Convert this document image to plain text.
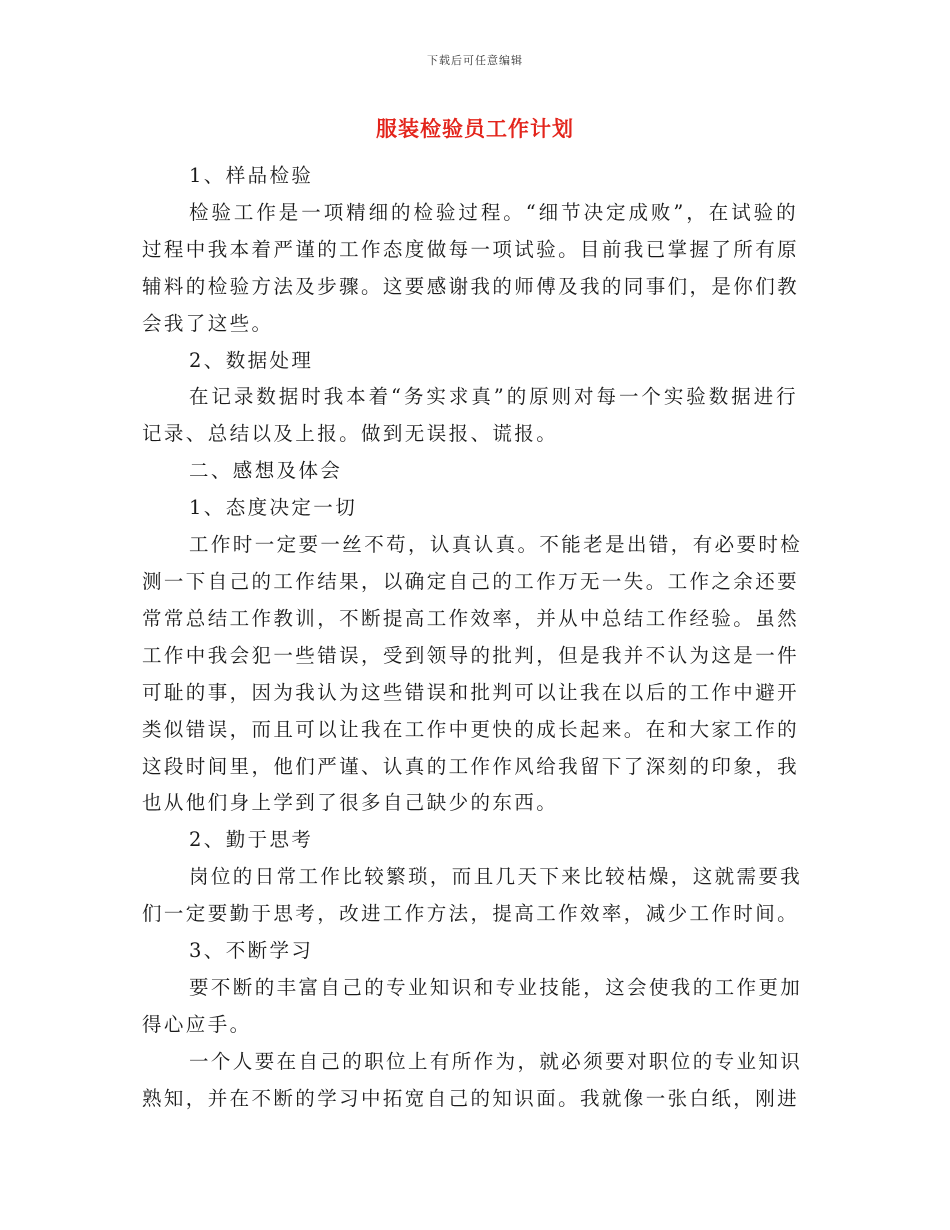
下载后可任意编辑
服装检验员工作计划
1、样品检验
检验工作是一项精细的检验过程。“细节决定成败”，在试验的
过程中我本着严谨的工作态度做每一项试验。目前我已掌握了所有原
辅料的检验方法及步骤。这要感谢我的师傅及我的同事们，是你们教
会我了这些。
2、数据处理
在记录数据时我本着“务实求真”的原则对每一个实验数据进行
记录、总结以及上报。做到无误报、谎报。
二、感想及体会
1、态度决定一切
工作时一定要一丝不苟，认真认真。不能老是出错，有必要时检
测一下自己的工作结果，以确定自己的工作万无一失。工作之余还要
常常总结工作教训，不断提高工作效率，并从中总结工作经验。虽然
工作中我会犯一些错误，受到领导的批判，但是我并不认为这是一件
可耻的事，因为我认为这些错误和批判可以让我在以后的工作中避开
类似错误，而且可以让我在工作中更快的成长起来。在和大家工作的
这段时间里，他们严谨、认真的工作作风给我留下了深刻的印象，我
也从他们身上学到了很多自己缺少的东西。
2、勤于思考
岗位的日常工作比较繁琐，而且几天下来比较枯燥，这就需要我
们一定要勤于思考，改进工作方法，提高工作效率，减少工作时间。
3、不断学习
要不断的丰富自己的专业知识和专业技能，这会使我的工作更加
得心应手。
一个人要在自己的职位上有所作为，就必须要对职位的专业知识
熟知，并在不断的学习中拓宽自己的知识面。我就像一张白纸，刚进
